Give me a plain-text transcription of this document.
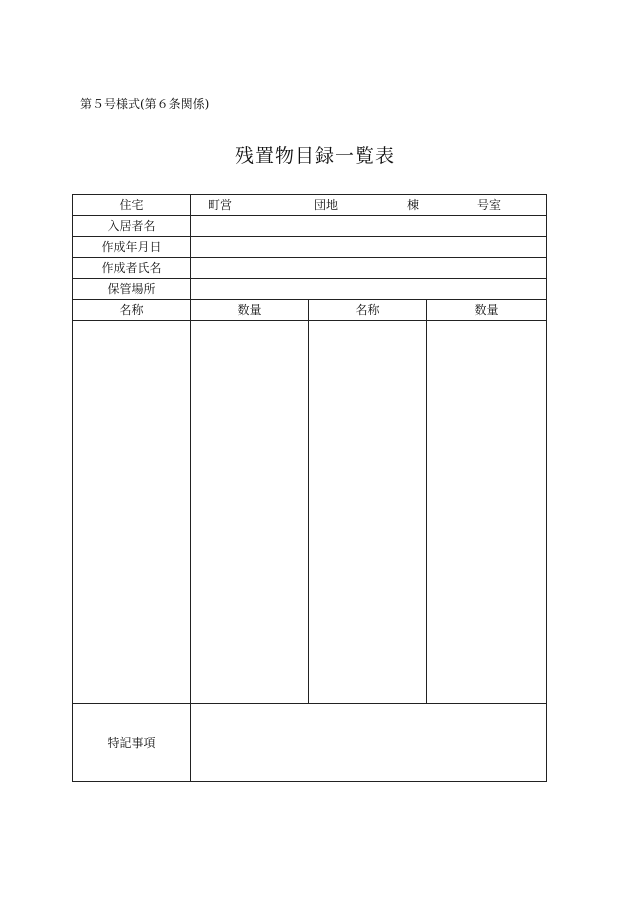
第５号様式(第６条関係)
残置物目録一覧表
住宅	町営 団地 棟 号室		

入居者名			
作成年月日			
作成者氏名			
保管場所			
名称	数量	名称	数量

特記事項			
